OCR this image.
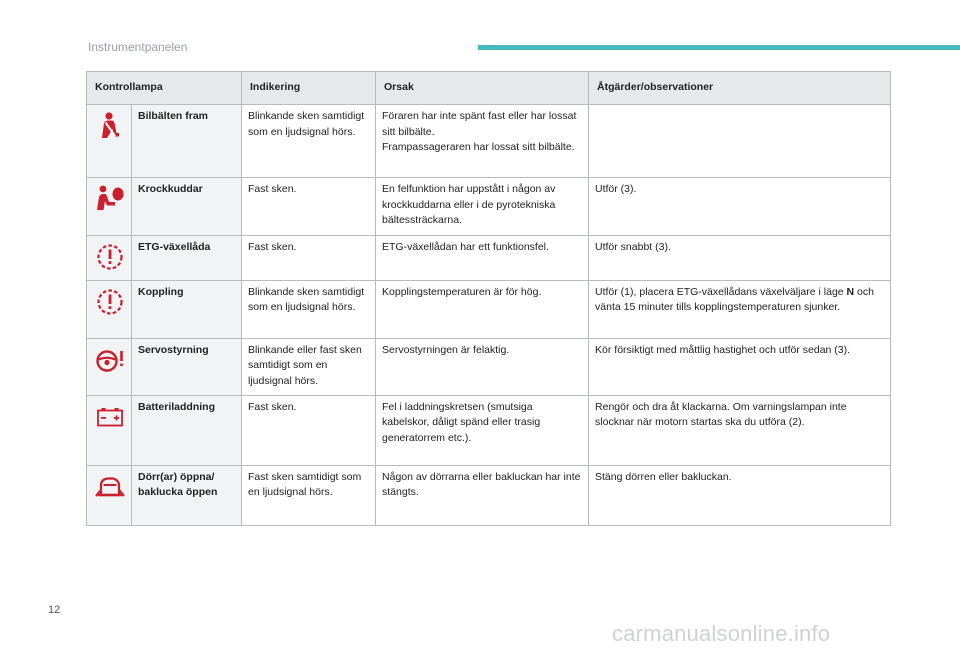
Instrumentpanelen
Kontrollampa		Indikering	Orsak	Åtgärder/observationer

	Bilbälten fram	Blinkande sken samtidigt som en ljudsignal hörs.	Föraren har inte spänt fast eller har lossat sitt bilbälte.
Frampassageraren har lossat sitt bilbälte.	

	Krockkuddar	Fast sken.	En felfunktion har uppstått i någon av krockkuddarna eller i de pyrotekniska bältessträckarna.	Utför (3).

	ETG-växellåda	Fast sken.	ETG-växellådan har ett funktionsfel.	Utför snabbt (3).

	Koppling	Blinkande sken samtidigt som en ljudsignal hörs.	Kopplingstemperaturen är för hög.	Utför (1), placera ETG-växellådans växelväljare i läge N och vänta 15 minuter tills kopplingstemperaturen sjunker.

	Servostyrning	Blinkande eller fast sken samtidigt som en ljudsignal hörs.	Servostyrningen är felaktig.	Kör försiktigt med måttlig hastighet och utför sedan (3).

	Batteriladdning	Fast sken.	Fel i laddningskretsen (smutsiga kabelskor, dåligt spänd eller trasig generatorrem etc.).	Rengör och dra åt klackarna. Om varningslampan inte slocknar när motorn startas ska du utföra (2).

	Dörr(ar) öppna/ baklucka öppen	Fast sken samtidigt som en ljudsignal hörs.	Någon av dörrarna eller bakluckan har inte stängts.	Stäng dörren eller bakluckan.
12
carmanualsonline.info
